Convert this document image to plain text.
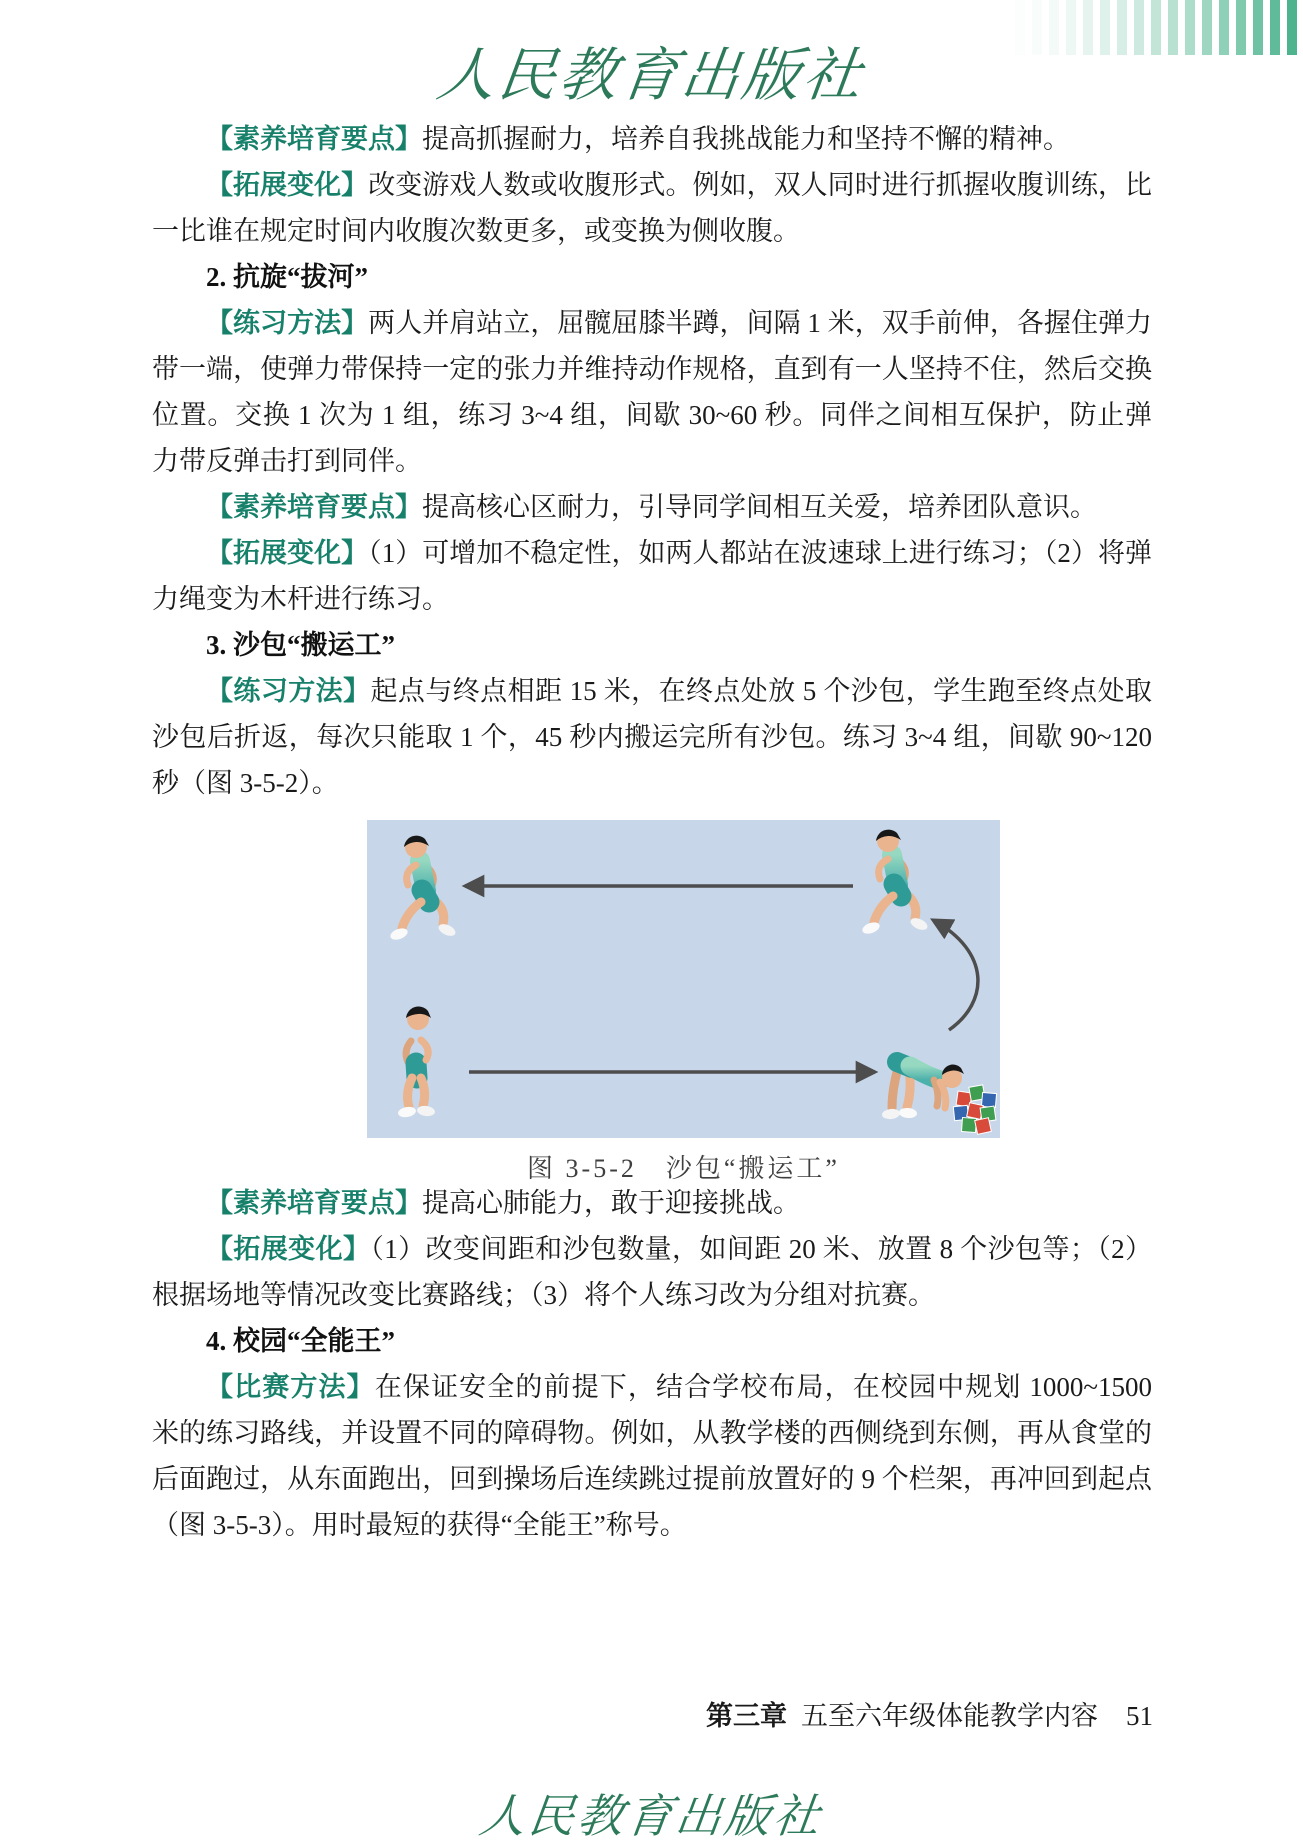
人民教育出版社

【素养培育要点】提高抓握耐力，培养自我挑战能力和坚持不懈的精神。

【拓展变化】改变游戏人数或收腹形式。例如，双人同时进行抓握收腹训练，比一比谁在规定时间内收腹次数更多，或变换为侧收腹。

2. 抗旋“拔河”

【练习方法】两人并肩站立，屈髋屈膝半蹲，间隔 1 米，双手前伸，各握住弹力带一端，使弹力带保持一定的张力并维持动作规格，直到有一人坚持不住，然后交换位置。交换 1 次为 1 组，练习 3~4 组，间歇 30~60 秒。同伴之间相互保护，防止弹力带反弹击打到同伴。

【素养培育要点】提高核心区耐力，引导同学间相互关爱，培养团队意识。

【拓展变化】（1）可增加不稳定性，如两人都站在波速球上进行练习；（2）将弹力绳变为木杆进行练习。

3. 沙包“搬运工”

【练习方法】起点与终点相距 15 米，在终点处放 5 个沙包，学生跑至终点处取沙包后折返，每次只能取 1 个，45 秒内搬运完所有沙包。练习 3~4 组，间歇 90~120 秒（图 3-5-2）。

图 3-5-2　沙包“搬运工”

【素养培育要点】提高心肺能力，敢于迎接挑战。

【拓展变化】（1）改变间距和沙包数量，如间距 20 米、放置 8 个沙包等；（2）根据场地等情况改变比赛路线；（3）将个人练习改为分组对抗赛。

4. 校园“全能王”

【比赛方法】在保证安全的前提下，结合学校布局，在校园中规划 1000~1500 米的练习路线，并设置不同的障碍物。例如，从教学楼的西侧绕到东侧，再从食堂的后面跑过，从东面跑出，回到操场后连续跳过提前放置好的 9 个栏架，再冲回到起点（图 3-5-3）。用时最短的获得“全能王”称号。

第三章 五至六年级体能教学内容 51
人民教育出版社
